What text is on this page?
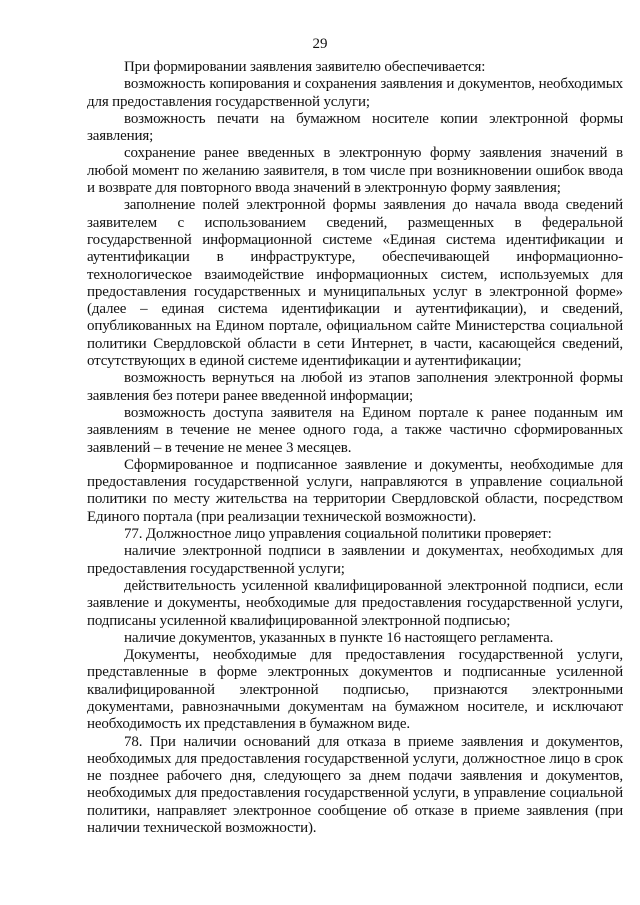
29

При формировании заявления заявителю обеспечивается:

возможность копирования и сохранения заявления и документов, необходимых для предоставления государственной услуги;

возможность печати на бумажном носителе копии электронной формы заявления;

сохранение ранее введенных в электронную форму заявления значений в любой момент по желанию заявителя, в том числе при возникновении ошибок ввода и возврате для повторного ввода значений в электронную форму заявления;

заполнение полей электронной формы заявления до начала ввода сведений заявителем с использованием сведений, размещенных в федеральной государственной информационной системе «Единая система идентификации и аутентификации в инфраструктуре, обеспечивающей информационно-технологическое взаимодействие информационных систем, используемых для предоставления государственных и муниципальных услуг в электронной форме» (далее – единая система идентификации и аутентификации), и сведений, опубликованных на Едином портале, официальном сайте Министерства социальной политики Свердловской области в сети Интернет, в части, касающейся сведений, отсутствующих в единой системе идентификации и аутентификации;

возможность вернуться на любой из этапов заполнения электронной формы заявления без потери ранее введенной информации;

возможность доступа заявителя на Едином портале к ранее поданным им заявлениям в течение не менее одного года, а также частично сформированных заявлений – в течение не менее 3 месяцев.

Сформированное и подписанное заявление и документы, необходимые для предоставления государственной услуги, направляются в управление социальной политики по месту жительства на территории Свердловской области, посредством Единого портала (при реализации технической возможности).

77. Должностное лицо управления социальной политики проверяет:

наличие электронной подписи в заявлении и документах, необходимых для предоставления государственной услуги;

действительность усиленной квалифицированной электронной подписи, если заявление и документы, необходимые для предоставления государственной услуги, подписаны усиленной квалифицированной электронной подписью;

наличие документов, указанных в пункте 16 настоящего регламента.

Документы, необходимые для предоставления государственной услуги, представленные в форме электронных документов и подписанные усиленной квалифицированной электронной подписью, признаются электронными документами, равнозначными документам на бумажном носителе, и исключают необходимость их представления в бумажном виде.

78. При наличии оснований для отказа в приеме заявления и документов, необходимых для предоставления государственной услуги, должностное лицо в срок не позднее рабочего дня, следующего за днем подачи заявления и документов, необходимых для предоставления государственной услуги, в управление социальной политики, направляет электронное сообщение об отказе в приеме заявления (при наличии технической возможности).
